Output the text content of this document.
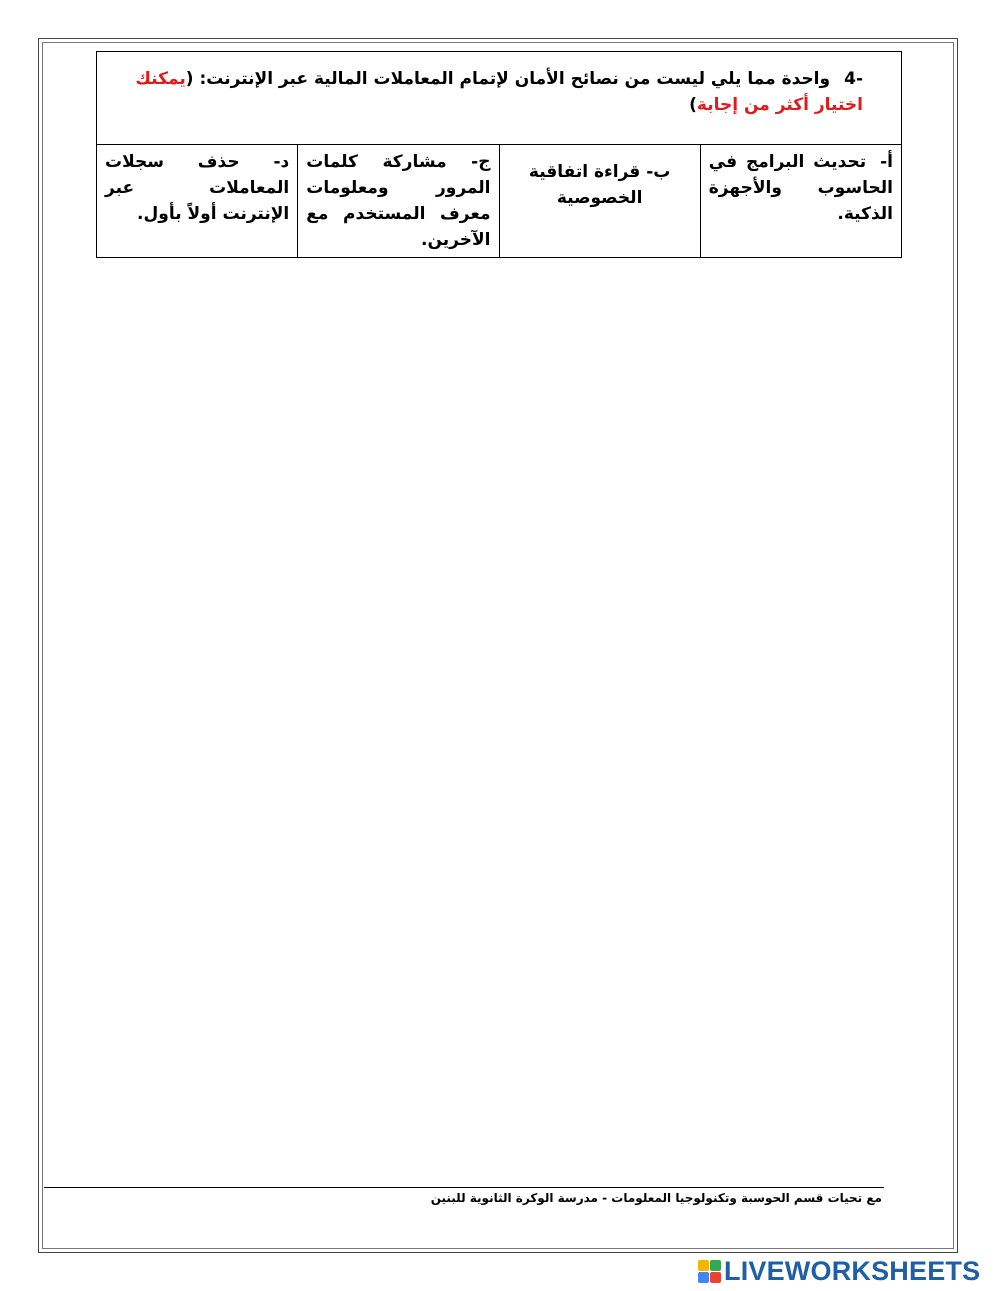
-4واحدة مما يلي ليست من نصائح الأمان لإتمام المعاملات المالية عبر الإنترنت: (يمكنك اختيار أكثر من إجابة)
أ-تحديث البرامج في الحاسوب والأجهزة الذكية.	ب- قراءة اتفاقية الخصوصية	ج- مشاركة كلمات المرور ومعلومات معرف المستخدم مع الآخرين.	د- حذف سجلات المعاملات عبر الإنترنت أولاً بأول.
مع تحيات قسم الحوسبة وتكنولوجيا المعلومات - مدرسة الوكرة الثانوية للبنين
LIVEWORKSHEETS
